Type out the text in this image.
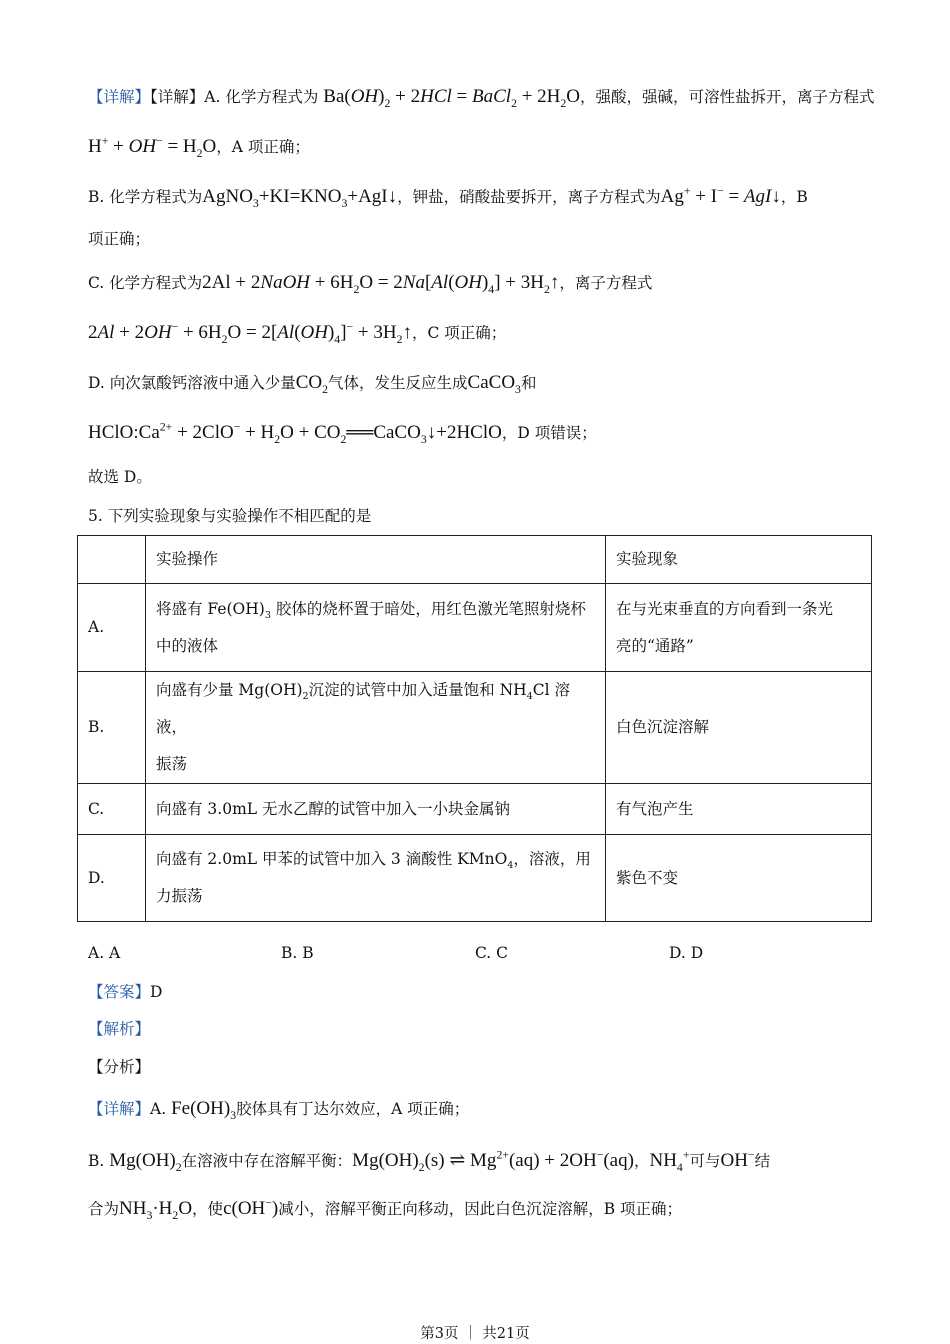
【详解】【详解】A. 化学方程式为 $Ba(OH)_2 + 2HCl$ = BaCl$_2$ + $2H_2O$，强酸，强碱，可溶性盐拆开，离子方程式
$H^+ + OH^- = H_2O$，A 项正确；
B. 化学方程式为$AgNO_3+KI=KNO_3+AgI↓$，钾盐，硝酸盐要拆开，离子方程式为Ag+ + I− = AgI↓，B
项正确；
C. 化学方程式为2Al + 2NaOH + $6H_2O = 2Na[Al(OH)_4]$ + $3H_2↑$，离子方程式
$2Al + 2OH^- + 6H_2O = 2[Al(OH)_4]^-$ + $3H_2↑$，C 项正确；
D. 向次氯酸钙溶液中通入少量$CO_2$气体，发生反应生成CaCO$_3$和
$HClO:Ca^{2+} + 2ClO^- + H_2O$ + $CO_2══CaCO_3↓+2HClO$，D 项错误；
故选 D。
5. 下列实验现象与实验操作不相匹配的是
	实验操作	实验现象
A.	将盛有 $Fe(OH)_3$ 胶体的烧杯置于暗处，用红色激光笔照射烧杯
中的液体	在与光束垂直的方向看到一条光
亮的“通路”
B.	向盛有少量 $Mg(OH)_2$沉淀的试管中加入适量饱和 $NH_4Cl$ 溶液，
振荡	白色沉淀溶解
C.	向盛有 3.0mL 无水乙醇的试管中加入一小块金属钠	有气泡产生
D.	向盛有 2.0mL 甲苯的试管中加入 3 滴酸性 KMnO$_4$，溶液，用
力振荡	紫色不变
A. A	B. B	C. C	D. D
【答案】D
【解析】
【分析】
【详解】A. $Fe(OH)_3$胶体具有丁达尔效应，A 项正确；
B. $Mg(OH)_2$在溶液中存在溶解平衡：$Mg(OH)_2(s)$ ⇌ $Mg^{2+}(aq) + 2OH^-(aq)$，$NH_4^+$可与OH−结
合为$NH_3\cdot H_2O$，使c(OH−)减小，溶解平衡正向移动，因此白色沉淀溶解，B 项正确；
第3页 ｜ 共21页
